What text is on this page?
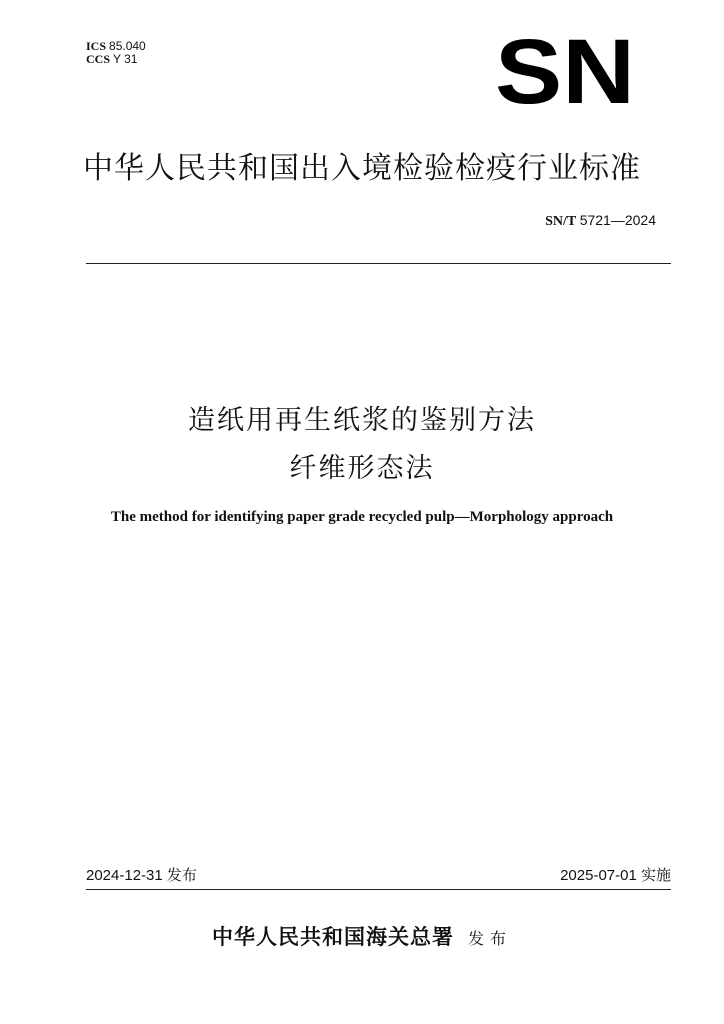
ICS 85.040
CCS Y 31	SN
中华人民共和国出入境检验检疫行业标准
SN/T 5721—2024
造纸用再生纸浆的鉴别方法
纤维形态法
The method for identifying paper grade recycled pulp—Morphology approach
2024-12-31 发布	2025-07-01 实施
中华人民共和国海关总署 发布
